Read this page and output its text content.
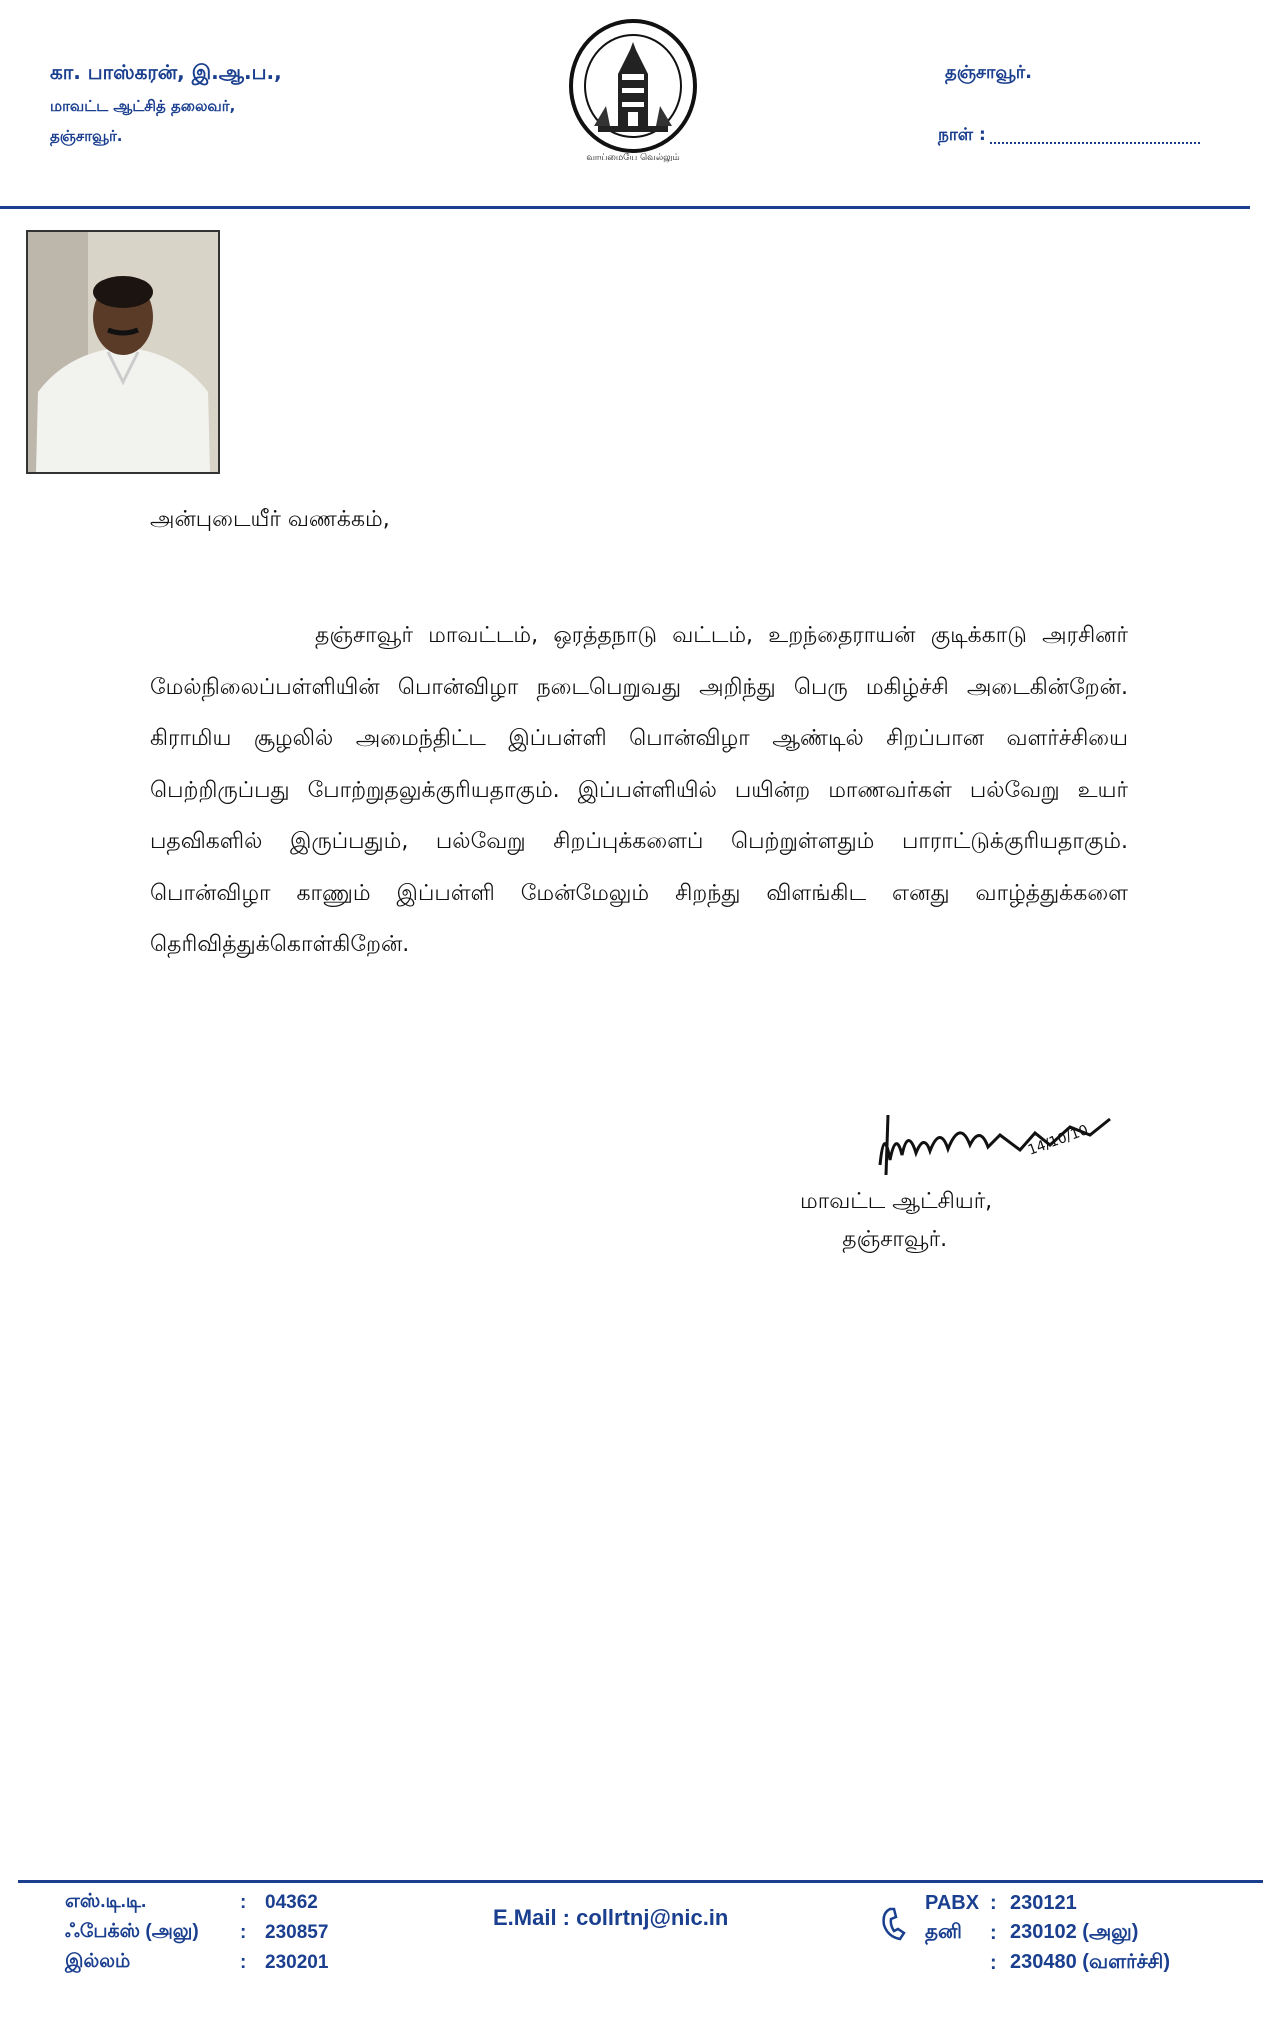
கா. பாஸ்கரன், இ.ஆ.ப.,
மாவட்ட ஆட்சித் தலைவர்,
தஞ்சாவூர்.
வாய்மையே வெல்லும்
தஞ்சாவூர்.
நாள் :
அன்புடையீர் வணக்கம்,
தஞ்சாவூர் மாவட்டம், ஒரத்தநாடு வட்டம், உறந்தைராயன் குடிக்காடு அரசினர் மேல்நிலைப்பள்ளியின் பொன்விழா நடைபெறுவது அறிந்து பெரு மகிழ்ச்சி அடைகின்றேன். கிராமிய சூழலில் அமைந்திட்ட இப்பள்ளி பொன்விழா ஆண்டில் சிறப்பான வளர்ச்சியை பெற்றிருப்பது போற்றுதலுக்குரியதாகும். இப்பள்ளியில் பயின்ற மாணவர்கள் பல்வேறு உயர் பதவிகளில் இருப்பதும், பல்வேறு சிறப்புக்களைப் பெற்றுள்ளதும் பாராட்டுக்குரியதாகும். பொன்விழா காணும் இப்பள்ளி மேன்மேலும் சிறந்து விளங்கிட எனது வாழ்த்துக்களை தெரிவித்துக்கொள்கிறேன்.
14/10/10
மாவட்ட ஆட்சியர்,
தஞ்சாவூர்.
எஸ்.டி.டி.	: 04362
ஃபேக்ஸ் (அலு)	: 230857
இல்லம்	: 230201
E.Mail : collrtnj@nic.in
PABX : 230121
தனி	: 230102 (அலு)
: 230480 (வளர்ச்சி)
